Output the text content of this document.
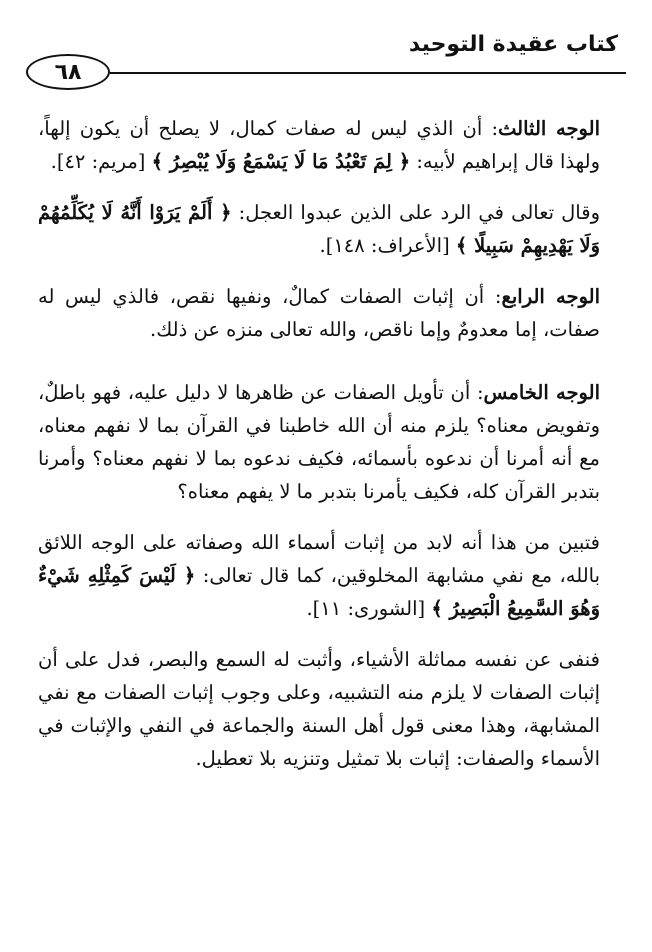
كتاب عقيدة التوحيد
٦٨

الوجه الثالث: أن الذي ليس له صفات كمال، لا يصلح أن يكون إلهاً، ولهذا قال إبراهيم لأبيه: ﴿ لِمَ تَعْبُدُ مَا لَا يَسْمَعُ وَلَا يُبْصِرُ ﴾ [مريم: ٤٢].

وقال تعالى في الرد على الذين عبدوا العجل: ﴿ أَلَمْ يَرَوْا أَنَّهُ لَا يُكَلِّمُهُمْ وَلَا يَهْدِيهِمْ سَبِيلًا ﴾ [الأعراف: ١٤٨].

الوجه الرابع: أن إثبات الصفات كمالٌ، ونفيها نقص، فالذي ليس له صفات، إما معدومٌ وإما ناقص، والله تعالى منزه عن ذلك.

الوجه الخامس: أن تأويل الصفات عن ظاهرها لا دليل عليه، فهو باطلٌ، وتفويض معناه؟ يلزم منه أن الله خاطبنا في القرآن بما لا نفهم معناه، مع أنه أمرنا أن ندعوه بأسمائه، فكيف ندعوه بما لا نفهم معناه؟ وأمرنا بتدبر القرآن كله، فكيف يأمرنا بتدبر ما لا يفهم معناه؟

فتبين من هذا أنه لابد من إثبات أسماء الله وصفاته على الوجه اللائق بالله، مع نفي مشابهة المخلوقين، كما قال تعالى: ﴿ لَيْسَ كَمِثْلِهِ شَيْءٌ وَهُوَ السَّمِيعُ الْبَصِيرُ ﴾ [الشورى: ١١].

فنفى عن نفسه مماثلة الأشياء، وأثبت له السمع والبصر، فدل على أن إثبات الصفات لا يلزم منه التشبيه، وعلى وجوب إثبات الصفات مع نفي المشابهة، وهذا معنى قول أهل السنة والجماعة في النفي والإثبات في الأسماء والصفات: إثبات بلا تمثيل وتنزيه بلا تعطيل.
